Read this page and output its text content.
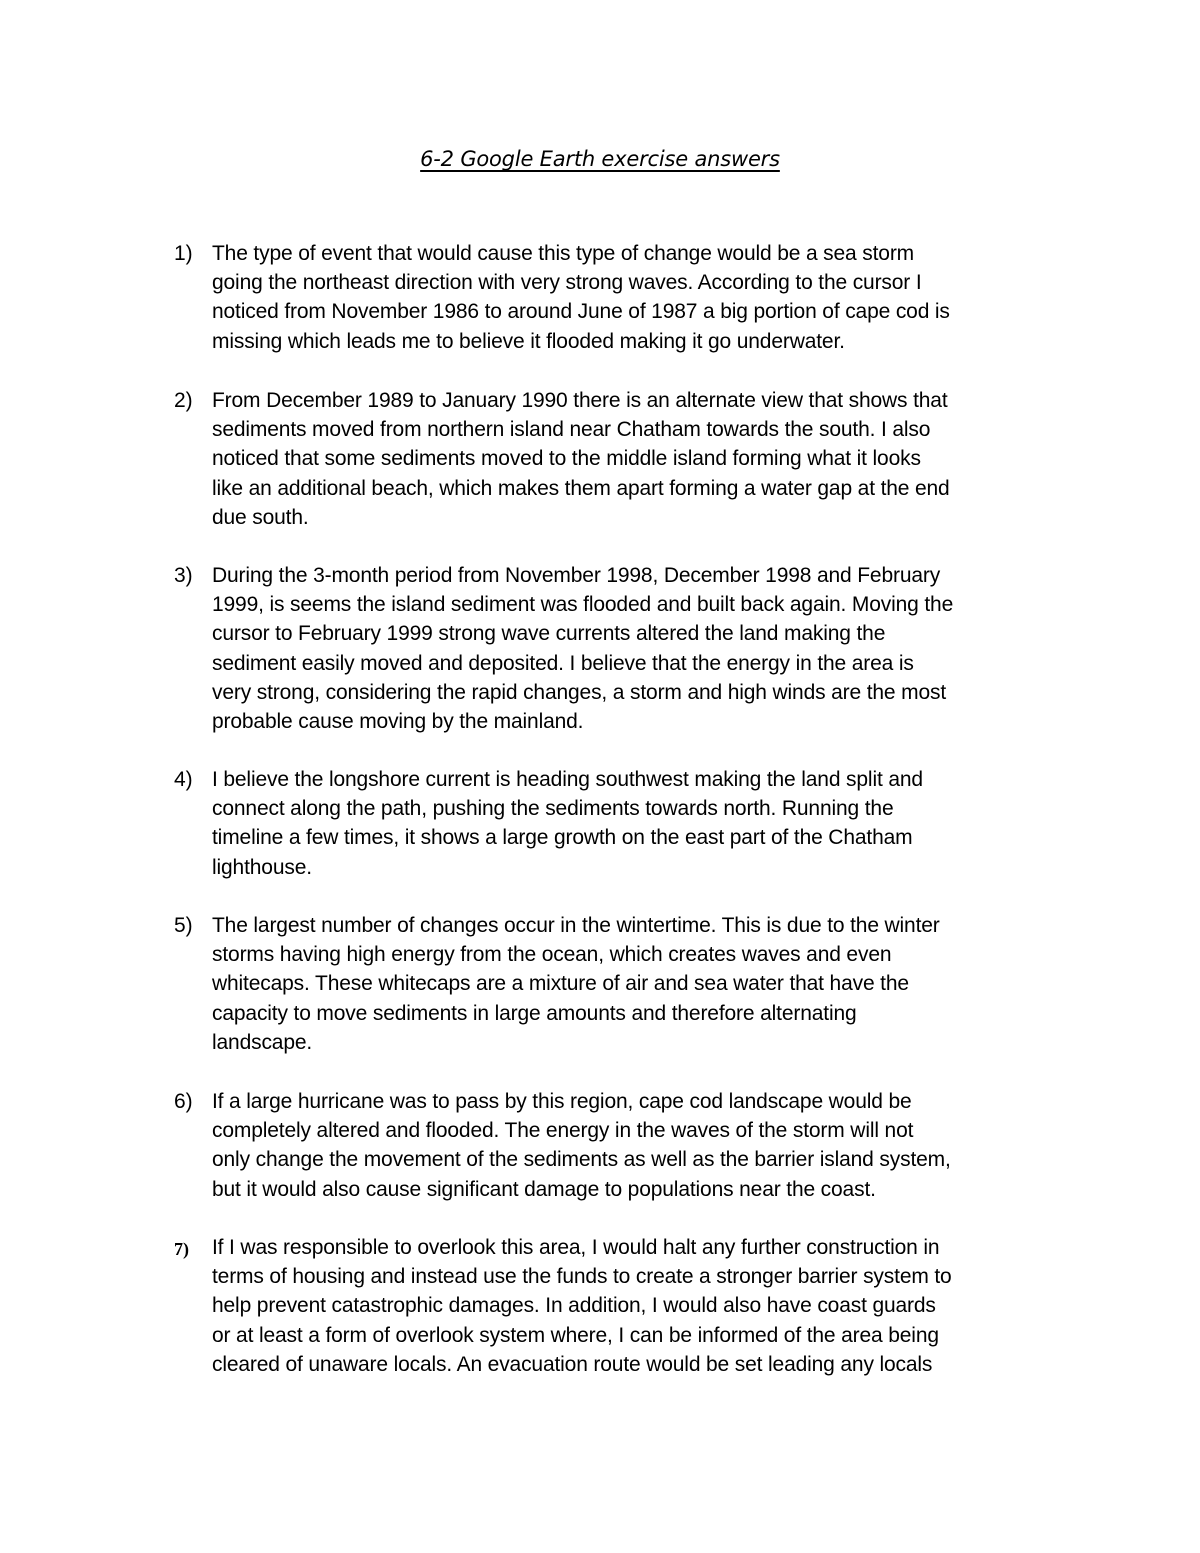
6-2 Google Earth exercise answers
1) The type of event that would cause this type of change would be a sea storm
going the northeast direction with very strong waves. According to the cursor I
noticed from November 1986 to around June of 1987 a big portion of cape cod is
missing which leads me to believe it flooded making it go underwater.
2) From December 1989 to January 1990 there is an alternate view that shows that
sediments moved from northern island near Chatham towards the south. I also
noticed that some sediments moved to the middle island forming what it looks
like an additional beach, which makes them apart forming a water gap at the end
due south.
3) During the 3-month period from November 1998, December 1998 and February
1999, is seems the island sediment was flooded and built back again. Moving the
cursor to February 1999 strong wave currents altered the land making the
sediment easily moved and deposited. I believe that the energy in the area is
very strong, considering the rapid changes, a storm and high winds are the most
probable cause moving by the mainland.
4) I believe the longshore current is heading southwest making the land split and
connect along the path, pushing the sediments towards north. Running the
timeline a few times, it shows a large growth on the east part of the Chatham
lighthouse.
5) The largest number of changes occur in the wintertime. This is due to the winter
storms having high energy from the ocean, which creates waves and even
whitecaps. These whitecaps are a mixture of air and sea water that have the
capacity to move sediments in large amounts and therefore alternating
landscape.
6) If a large hurricane was to pass by this region, cape cod landscape would be
completely altered and flooded. The energy in the waves of the storm will not
only change the movement of the sediments as well as the barrier island system,
but it would also cause significant damage to populations near the coast.
7) If I was responsible to overlook this area, I would halt any further construction in
terms of housing and instead use the funds to create a stronger barrier system to
help prevent catastrophic damages. In addition, I would also have coast guards
or at least a form of overlook system where, I can be informed of the area being
cleared of unaware locals. An evacuation route would be set leading any locals
